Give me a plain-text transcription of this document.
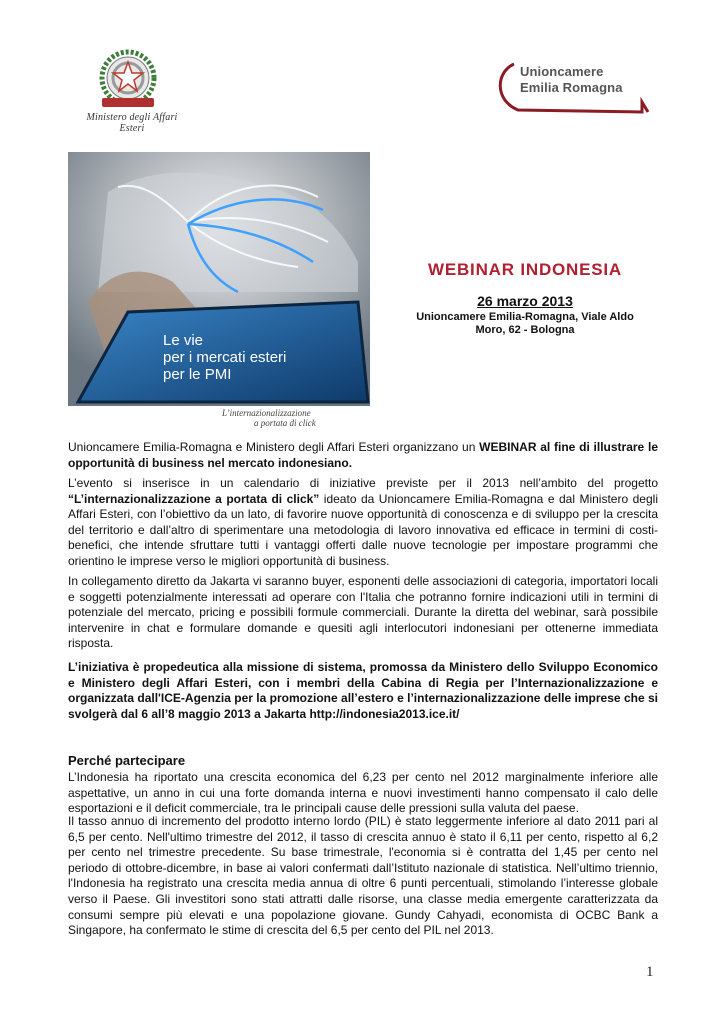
Ministero degli Affari Esteri
Unioncamere
Emilia Romagna
Le vie
per i mercati esteri
per le PMI
L’internazionalizzazione
a portata di click
WEBINAR INDONESIA
26 marzo 2013
Unioncamere Emilia-Romagna, Viale Aldo
Moro, 62 - Bologna
Unioncamere Emilia-Romagna e Ministero degli Affari Esteri organizzano un WEBINAR al fine di illustrare le opportunità di business nel mercato indonesiano.
L’evento si inserisce in un calendario di iniziative previste per il 2013 nell’ambito del progetto “L’internazionalizzazione a portata di click” ideato da Unioncamere Emilia-Romagna e dal Ministero degli Affari Esteri, con l’obiettivo da un lato, di favorire nuove opportunità di conoscenza e di sviluppo per la crescita del territorio e dall’altro di sperimentare una metodologia di lavoro innovativa ed efficace in termini di costi-benefici, che intende sfruttare tutti i vantaggi offerti dalle nuove tecnologie per impostare programmi che orientino le imprese verso le migliori opportunità di business.
In collegamento diretto da Jakarta vi saranno buyer, esponenti delle associazioni di categoria, importatori locali e soggetti potenzialmente interessati ad operare con l'Italia che potranno fornire indicazioni utili in termini di potenziale del mercato, pricing e possibili formule commerciali. Durante la diretta del webinar, sarà possibile intervenire in chat e formulare domande e quesiti agli interlocutori indonesiani per ottenerne immediata risposta.
L’iniziativa è propedeutica alla missione di sistema, promossa da Ministero dello Sviluppo Economico e Ministero degli Affari Esteri, con i membri della Cabina di Regia per l’Internazionalizzazione e organizzata dall'ICE-Agenzia per la promozione all’estero e l’internazionalizzazione delle imprese che si svolgerà dal 6 all’8 maggio 2013 a Jakarta http://indonesia2013.ice.it/
Perché partecipare
L’Indonesia ha riportato una crescita economica del 6,23 per cento nel 2012 marginalmente inferiore alle aspettative, un anno in cui una forte domanda interna e nuovi investimenti hanno compensato il calo delle esportazioni e il deficit commerciale, tra le principali cause delle pressioni sulla valuta del paese.
Il tasso annuo di incremento del prodotto interno lordo (PIL) è stato leggermente inferiore al dato 2011 pari al 6,5 per cento. Nell'ultimo trimestre del 2012, il tasso di crescita annuo è stato il 6,11 per cento, rispetto al 6,2 per cento nel trimestre precedente. Su base trimestrale, l'economia si è contratta del 1,45 per cento nel periodo di ottobre-dicembre, in base ai valori confermati dall’Istituto nazionale di statistica. Nell’ultimo triennio, l'Indonesia ha registrato una crescita media annua di oltre 6 punti percentuali, stimolando l’interesse globale verso il Paese. Gli investitori sono stati attratti dalle risorse, una classe media emergente caratterizzata da consumi sempre più elevati e una popolazione giovane. Gundy Cahyadi, economista di OCBC Bank a Singapore, ha confermato le stime di crescita del 6,5 per cento del PIL nel 2013.
1
